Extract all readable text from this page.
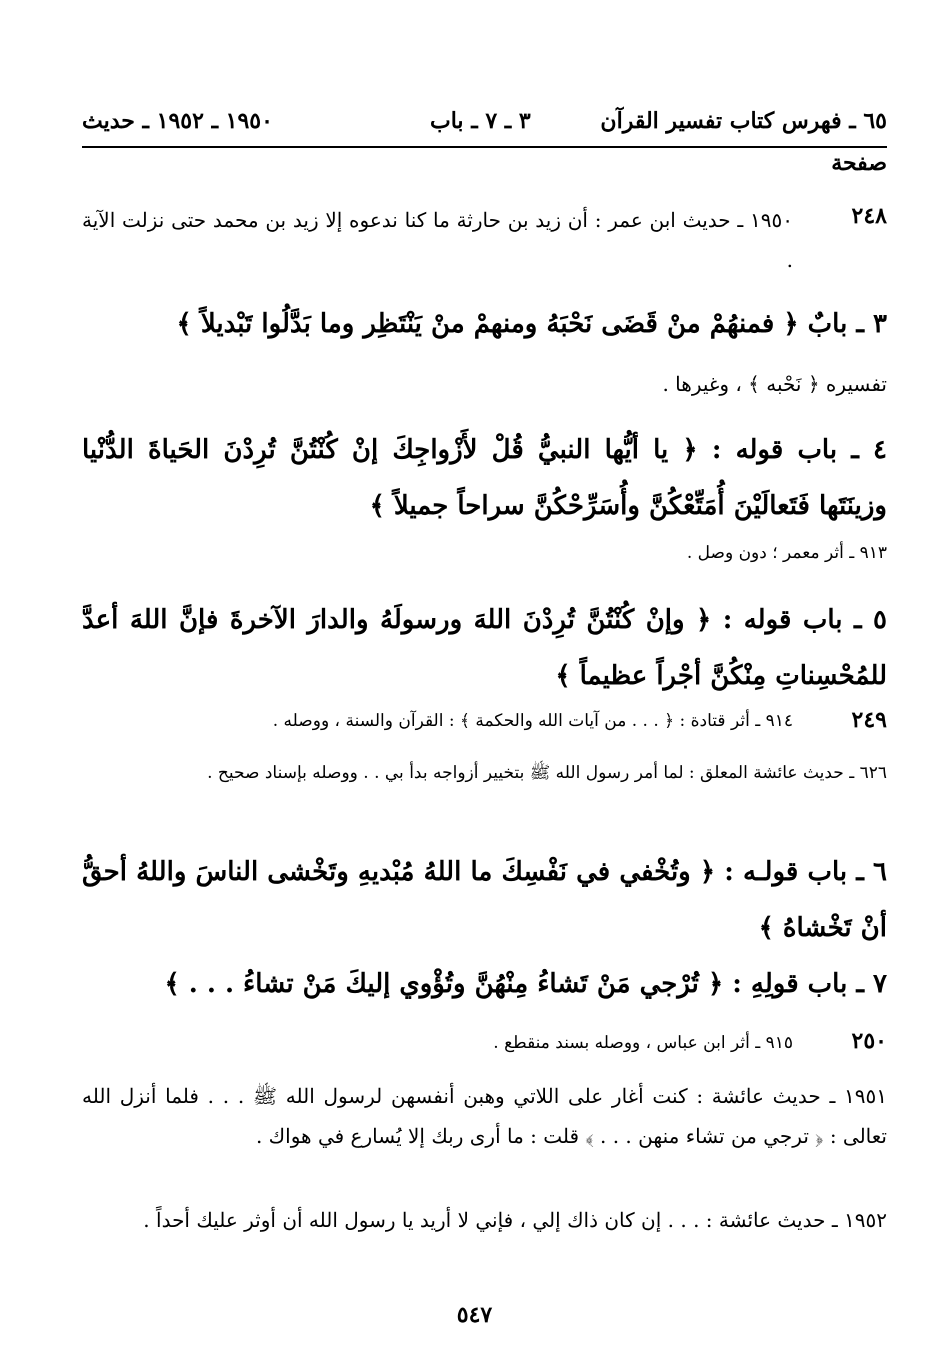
٦٥ ـ فهرس كتاب تفسير القرآن
٣ ـ ٧ ـ باب
١٩٥٠ ـ ١٩٥٢ ـ حديث
صفحة
٢٤٨
٢٤٩
٢٥٠
١٩٥٠ ـ حديث ابن عمر : أن زيد بن حارثة ما كنا ندعوه إلا زيد بن محمد حتى نزلت الآية .
٣ ـ بابٌ ﴿ فمنهُمْ منْ قَضَى نَحْبَهُ ومنهمْ منْ يَنْتَظِر وما بَدَّلُوا تَبْديلاً ﴾
تفسيره ﴿ نَحْبه ﴾ ، وغيرها .
٤ ـ باب قوله : ﴿ يا أيُّها النبيُّ قُلْ لأَزْواجِكَ إنْ كُنْتُنَّ تُرِدْنَ الحَياةَ الدُّنْيا وزينَتَها فَتَعالَيْنَ أُمَتِّعْكُنَّ وأُسَرِّحْكُنَّ سراحاً جميلاً ﴾
٩١٣ ـ أثر معمر ؛ دون وصل .
٥ ـ باب قوله : ﴿ وإنْ كُنْتُنَّ تُرِدْنَ اللهَ ورسولَهُ والدارَ الآخرةَ فإنَّ اللهَ أعدَّ للمُحْسِناتِ مِنْكُنَّ أجْراً عظيماً ﴾
٩١٤ ـ أثر قتادة : ﴿ . . . من آيات الله والحكمة ﴾ : القرآن والسنة ، ووصله .
٦٢٦ ـ حديث عائشة المعلق : لما أمر رسول الله ﷺ بتخيير أزواجه بدأ بي . . ووصله بإسناد صحيح .
٦ ـ باب قولـه : ﴿ وتُخْفي في نَفْسِكَ ما اللهُ مُبْديهِ وتَخْشى الناسَ واللهُ أحقُّ أنْ تَخْشاهُ ﴾
٧ ـ باب قولِهِ : ﴿ تُرْجي مَنْ تَشاءُ مِنْهُنَّ وتُؤْوي إليكَ مَنْ تشاءُ . . . ﴾
٩١٥ ـ أثر ابن عباس ، ووصله بسند منقطع .
١٩٥١ ـ حديث عائشة : كنت أغار على اللاتي وهبن أنفسهن لرسول الله ﷺ . . . فلما أنزل الله تعالى : ﴿ ترجي من تشاء منهن . . . ﴾ قلت : ما أرى ربك إلا يُسارع في هواك .
١٩٥٢ ـ حديث عائشة : . . . إن كان ذاك إلي ، فإني لا أريد يا رسول الله أن أوثر عليك أحداً .
٥٤٧
